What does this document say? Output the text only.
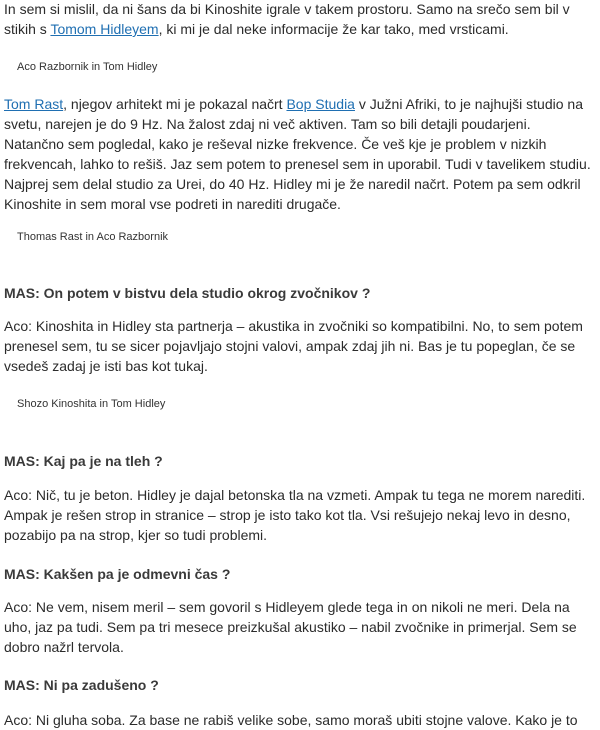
In sem si mislil, da ni šans da bi Kinoshite igrale v takem prostoru. Samo na srečo sem bil v stikih s Tomom Hidleyem, ki mi je dal neke informacije že kar tako, med vrsticami.

Aco Razbornik in Tom Hidley

Tom Rast, njegov arhitekt mi je pokazal načrt Bop Studia v Južni Afriki, to je najhujši studio na svetu, narejen je do 9 Hz. Na žalost zdaj ni več aktiven. Tam so bili detajli poudarjeni. Natančno sem pogledal, kako je reševal nizke frekvence. Če veš kje je problem v nizkih frekvencah, lahko to rešiš. Jaz sem potem to prenesel sem in uporabil. Tudi v tavelikem studiu. Najprej sem delal studio za Urei, do 40 Hz. Hidley mi je že naredil načrt. Potem pa sem odkril Kinoshite in sem moral vse podreti in narediti drugače.

Thomas Rast in Aco Razbornik

MAS: On potem v bistvu dela studio okrog zvočnikov ?

Aco: Kinoshita in Hidley sta partnerja – akustika in zvočniki so kompatibilni. No, to sem potem prenesel sem, tu se sicer pojavljajo stojni valovi, ampak zdaj jih ni. Bas je tu popeglan, če se vsedeš zadaj je isti bas kot tukaj.

Shozo Kinoshita in Tom Hidley

MAS: Kaj pa je na tleh ?

Aco: Nič, tu je beton. Hidley je dajal betonska tla na vzmeti. Ampak tu tega ne morem narediti. Ampak je rešen strop in stranice – strop je isto tako kot tla. Vsi rešujejo nekaj levo in desno, pozabijo pa na strop, kjer so tudi problemi.

MAS: Kakšen pa je odmevni čas ?

Aco: Ne vem, nisem meril – sem govoril s Hidleyem glede tega in on nikoli ne meri. Dela na uho, jaz pa tudi. Sem pa tri mesece preizkušal akustiko – nabil zvočnike in primerjal. Sem se dobro nažrl tervola.

MAS: Ni pa zadušeno ?

Aco: Ni gluha soba. Za base ne rabiš velike sobe, samo moraš ubiti stojne valove. Kako je to
